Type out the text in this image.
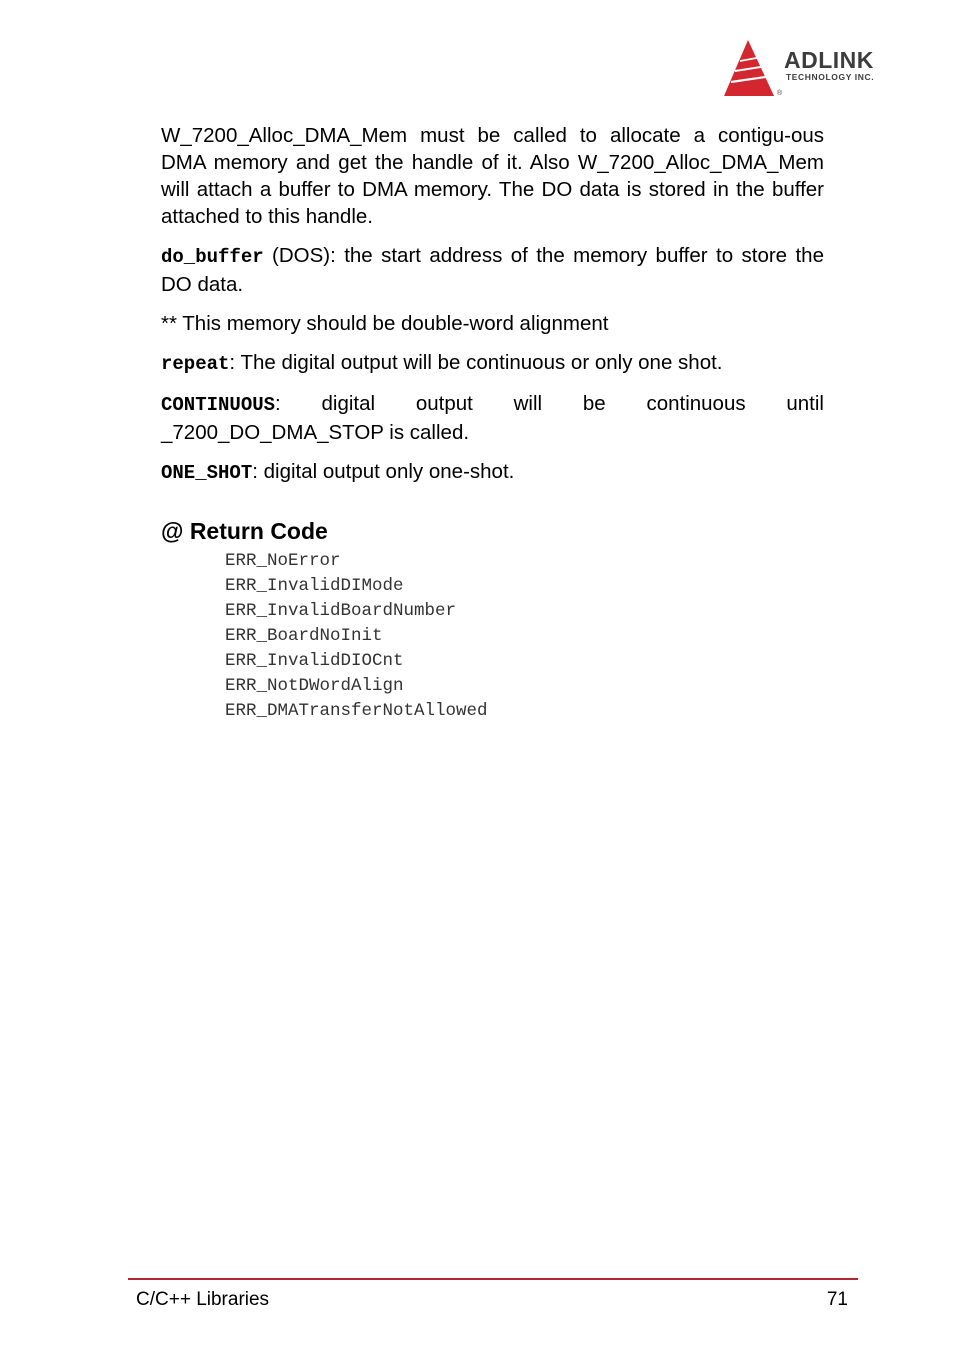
ADLINK
TECHNOLOGY INC.
®

W_7200_Alloc_DMA_Mem must be called to allocate a contigu-ous DMA memory and get the handle of it. Also W_7200_Alloc_DMA_Mem will attach a buffer to DMA memory. The DO data is stored in the buffer attached to this handle.

do_buffer (DOS): the start address of the memory buffer to store the DO data.

** This memory should be double-word alignment

repeat: The digital output will be continuous or only one shot.

CONTINUOUS: digital output will be continuous until _7200_DO_DMA_STOP is called.

ONE_SHOT: digital output only one-shot.

@ Return Code
ERR_NoError
ERR_InvalidDIMode
ERR_InvalidBoardNumber
ERR_BoardNoInit
ERR_InvalidDIOCnt
ERR_NotDWordAlign
ERR_DMATransferNotAllowed
C/C++ Libraries	71
